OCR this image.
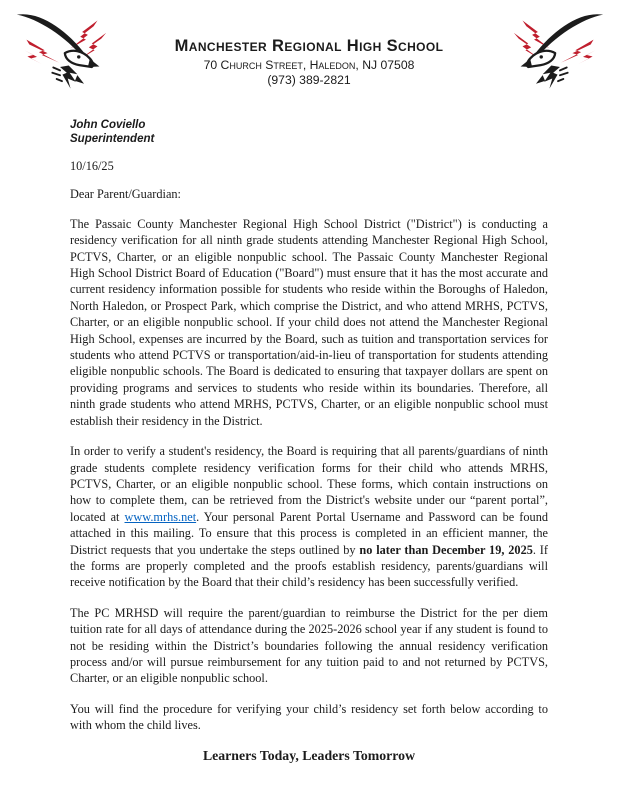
Manchester Regional High School
70 Church Street, Haledon, NJ 07508
(973) 389-2821
John Coviello
Superintendent
10/16/25
Dear Parent/Guardian:

The Passaic County Manchester Regional High School District ("District") is conducting a residency verification for all ninth grade students attending Manchester Regional High School, PCTVS, Charter, or an eligible nonpublic school. The Passaic County Manchester Regional High School District Board of Education ("Board") must ensure that it has the most accurate and current residency information possible for students who reside within the Boroughs of Haledon, North Haledon, or Prospect Park, which comprise the District, and who attend MRHS, PCTVS, Charter, or an eligible nonpublic school. If your child does not attend the Manchester Regional High School, expenses are incurred by the Board, such as tuition and transportation services for students who attend PCTVS or transportation/aid-in-lieu of transportation for students attending eligible nonpublic schools. The Board is dedicated to ensuring that taxpayer dollars are spent on providing programs and services to students who reside within its boundaries. Therefore, all ninth grade students who attend MRHS, PCTVS, Charter, or an eligible nonpublic school must establish their residency in the District.

In order to verify a student's residency, the Board is requiring that all parents/guardians of ninth grade students complete residency verification forms for their child who attends MRHS, PCTVS, Charter, or an eligible nonpublic school. These forms, which contain instructions on how to complete them, can be retrieved from the District's website under our “parent portal”, located at www.mrhs.net. Your personal Parent Portal Username and Password can be found attached in this mailing. To ensure that this process is completed in an efficient manner, the District requests that you undertake the steps outlined by no later than December 19, 2025. If the forms are properly completed and the proofs establish residency, parents/guardians will receive notification by the Board that their child’s residency has been successfully verified.

The PC MRHSD will require the parent/guardian to reimburse the District for the per diem tuition rate for all days of attendance during the 2025-2026 school year if any student is found to not be residing within the District’s boundaries following the annual residency verification process and/or will pursue reimbursement for any tuition paid to and not returned by PCTVS, Charter, or an eligible nonpublic school.

You will find the procedure for verifying your child’s residency set forth below according to with whom the child lives.

Learners Today, Leaders Tomorrow
